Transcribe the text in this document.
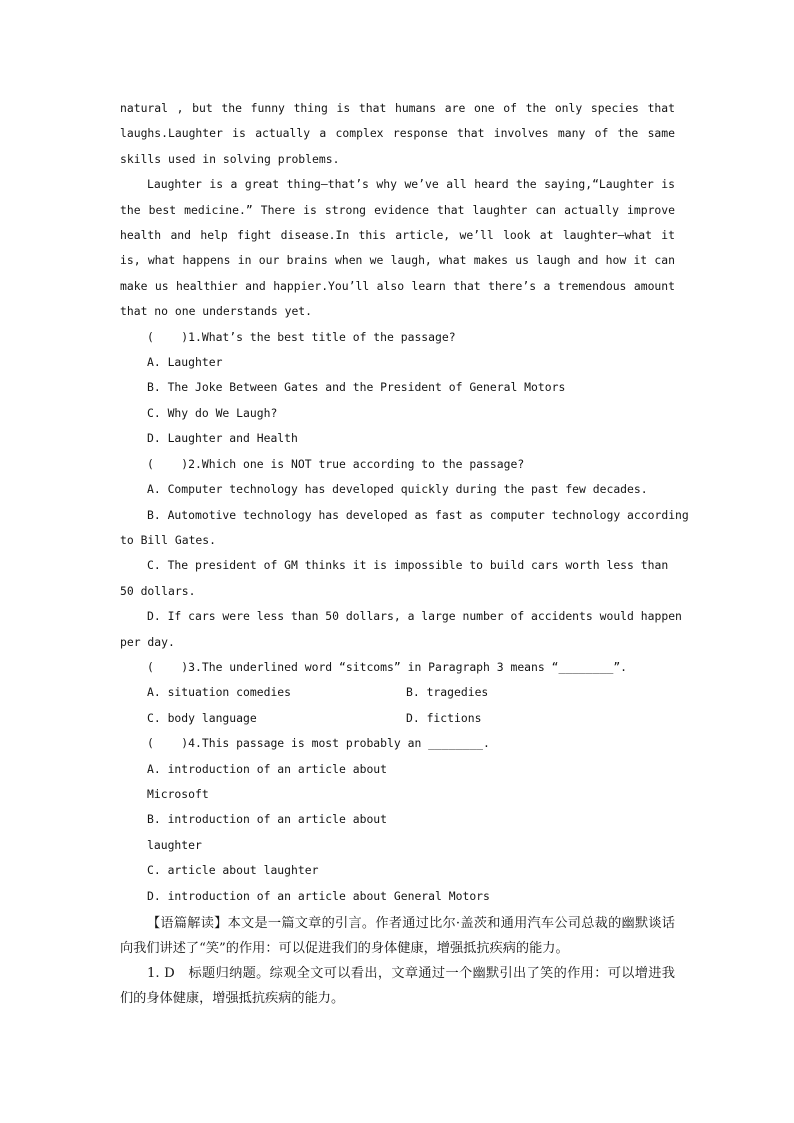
natural , but the funny thing is that humans are one of the only species that laughs.Laughter is actually a complex response that involves many of the same skills used in solving problems.

Laughter is a great thing—that’s why we’ve all heard the saying,“Laughter is the best medicine.” There is strong evidence that laughter can actually improve health and help fight disease.In this article, we’ll look at laughter—what it is, what happens in our brains when we laugh, what makes us laugh and how it can make us healthier and happier.You’ll also learn that there’s a tremendous amount that no one understands yet.

(    )1.What’s the best title of the passage?

A. Laughter

B. The Joke Between Gates and the President of General Motors

C. Why do We Laugh?

D. Laughter and Health

(    )2.Which one is NOT true according to the passage?

A. Computer technology has developed quickly during the past few decades.

B. Automotive technology has developed as fast as computer technology according

to Bill Gates.

C. The president of GM thinks it is impossible to build cars worth less than

50 dollars.

D. If cars were less than 50 dollars, a large number of accidents would happen

per day.

(    )3.The underlined word “sitcoms” in Paragraph 3 means “________”.

A. situation comedies	B. tragedies
C. body language	D. fictions

(    )4.This passage is most probably an ________.

A. introduction of an article about

Microsoft

B. introduction of an article about

laughter

C. article about laughter

D. introduction of an article about General Motors

【语篇解读】本文是一篇文章的引言。作者通过比尔·盖茨和通用汽车公司总裁的幽默谈话向我们讲述了“笑”的作用：可以促进我们的身体健康，增强抵抗疾病的能力。

1. D　标题归纳题。综观全文可以看出，文章通过一个幽默引出了笑的作用：可以增进我们的身体健康，增强抵抗疾病的能力。
